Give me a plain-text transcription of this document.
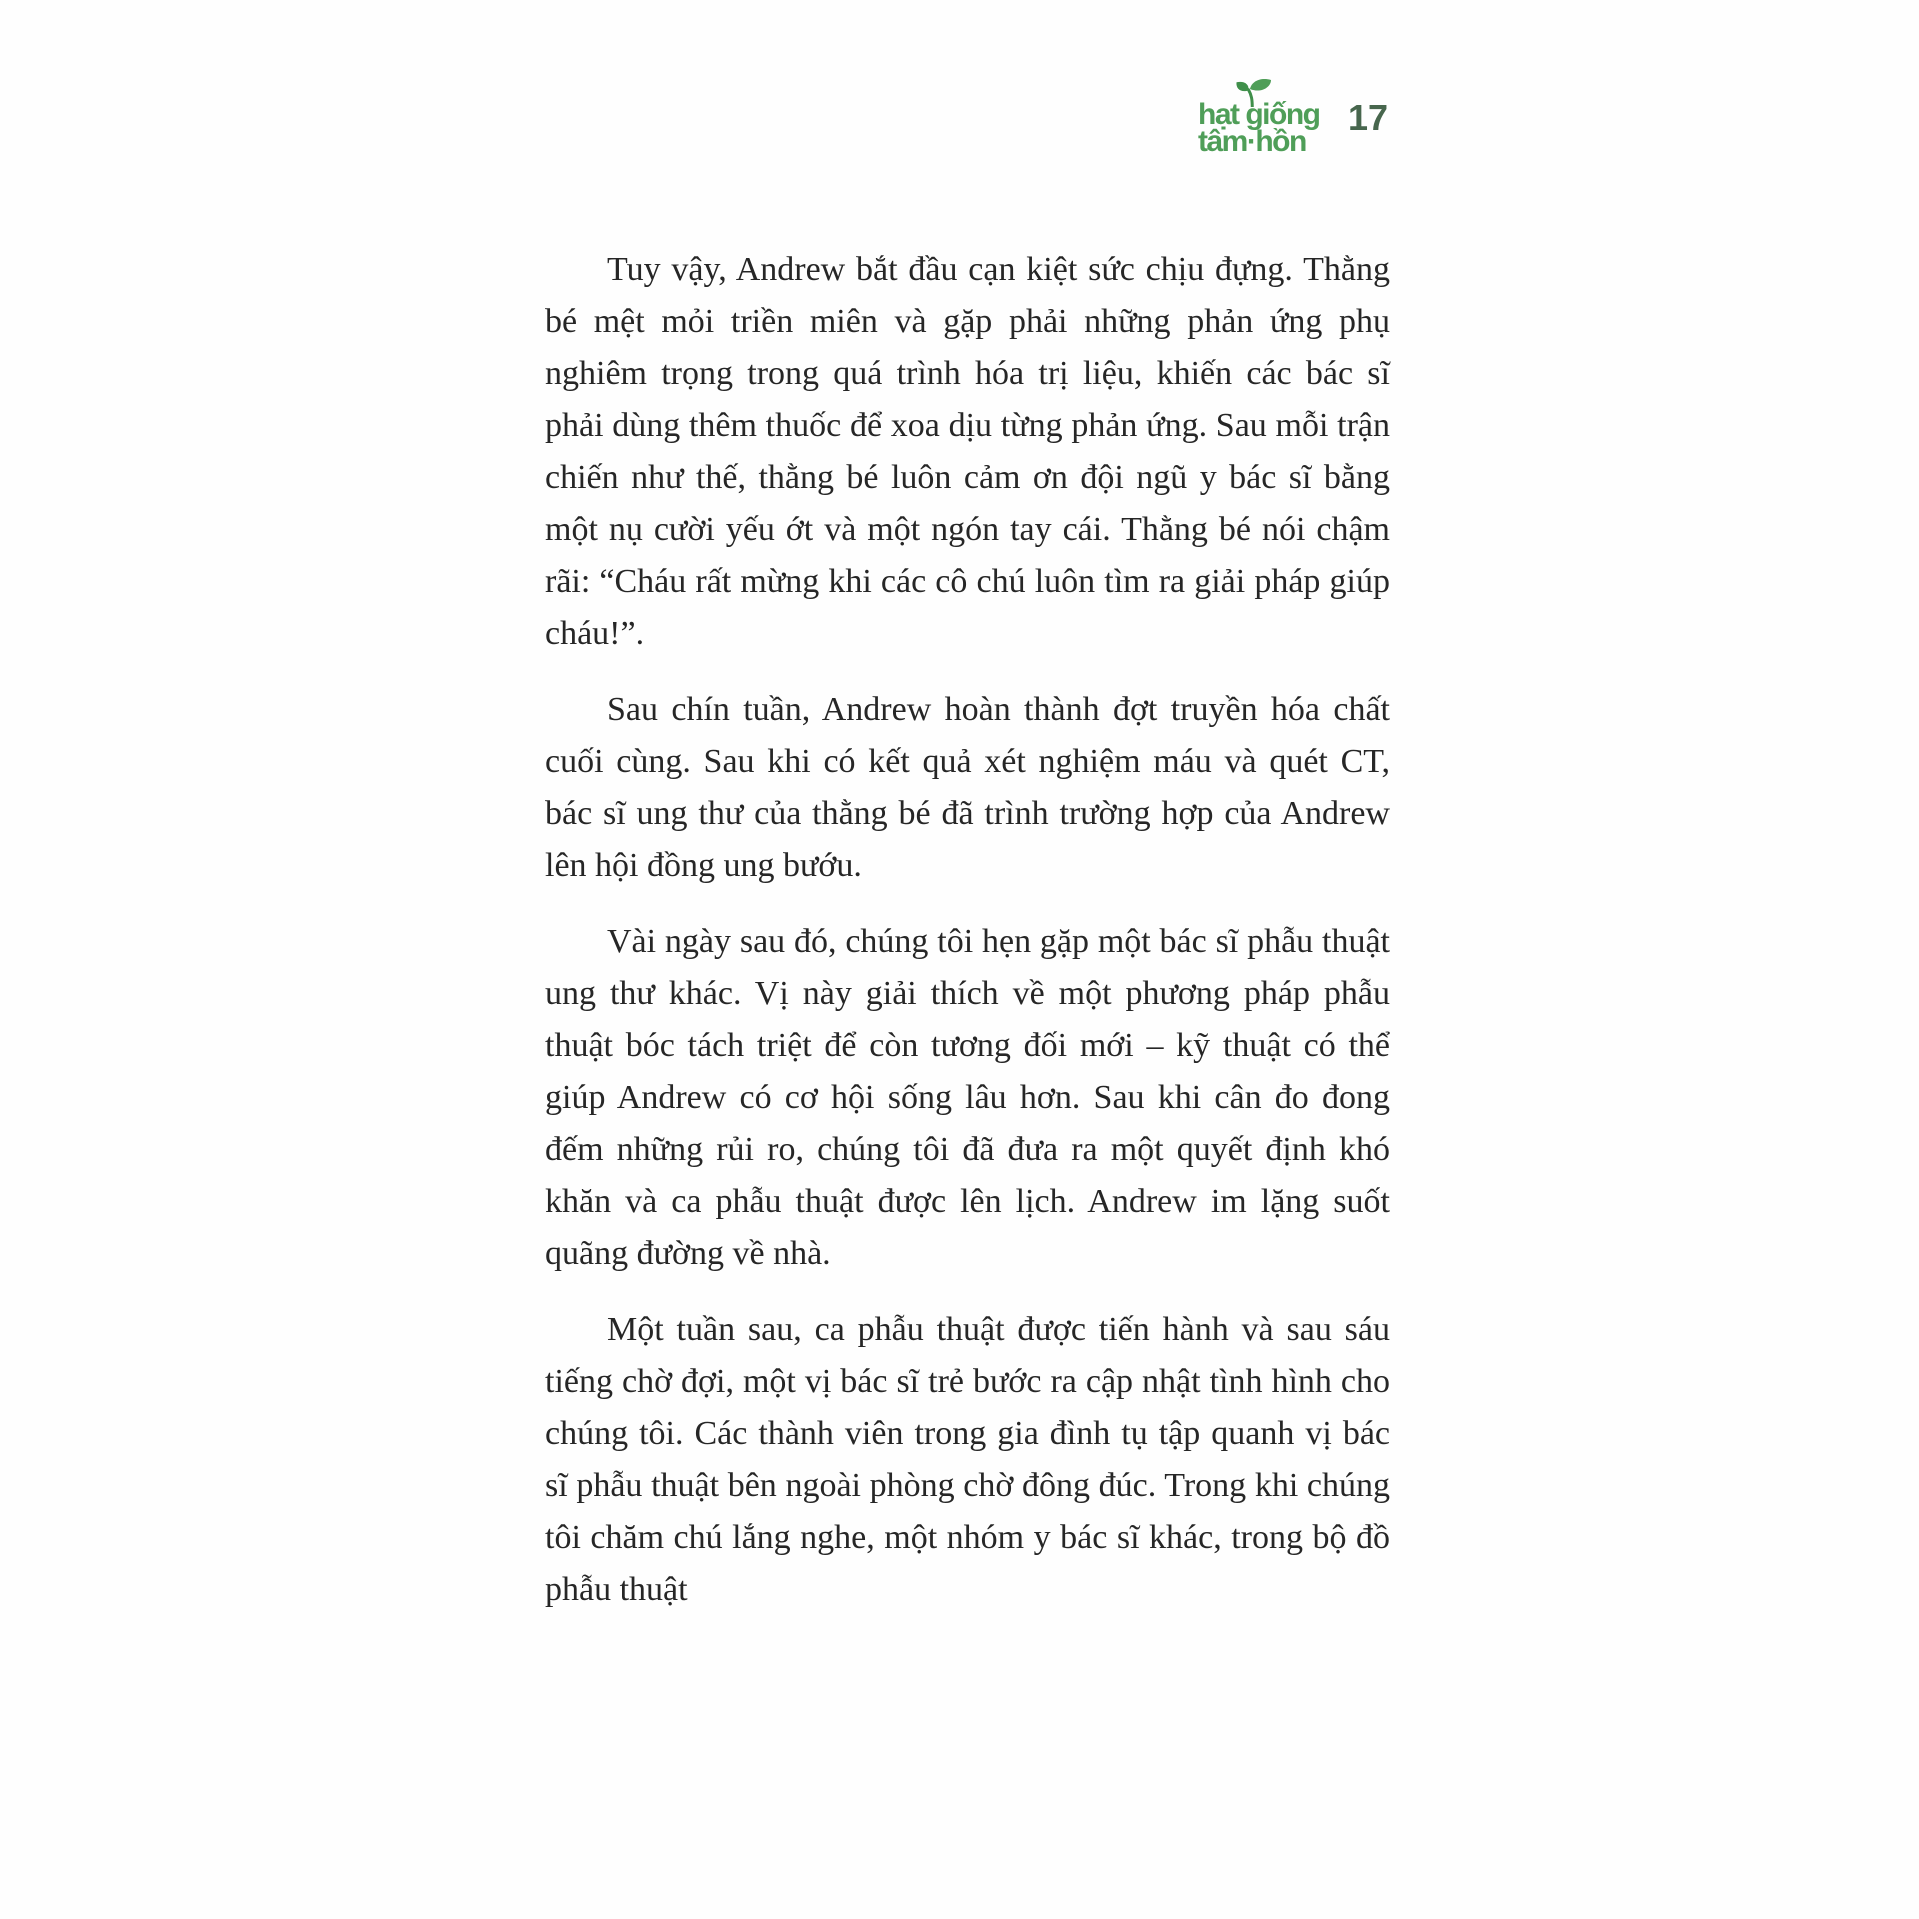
hạt giống
tâm·hồn
17

Tuy vậy, Andrew bắt đầu cạn kiệt sức chịu đựng. Thằng bé mệt mỏi triền miên và gặp phải những phản ứng phụ nghiêm trọng trong quá trình hóa trị liệu, khiến các bác sĩ phải dùng thêm thuốc để xoa dịu từng phản ứng. Sau mỗi trận chiến như thế, thằng bé luôn cảm ơn đội ngũ y bác sĩ bằng một nụ cười yếu ớt và một ngón tay cái. Thằng bé nói chậm rãi: “Cháu rất mừng khi các cô chú luôn tìm ra giải pháp giúp cháu!”.

Sau chín tuần, Andrew hoàn thành đợt truyền hóa chất cuối cùng. Sau khi có kết quả xét nghiệm máu và quét CT, bác sĩ ung thư của thằng bé đã trình trường hợp của Andrew lên hội đồng ung bướu.

Vài ngày sau đó, chúng tôi hẹn gặp một bác sĩ phẫu thuật ung thư khác. Vị này giải thích về một phương pháp phẫu thuật bóc tách triệt để còn tương đối mới – kỹ thuật có thể giúp Andrew có cơ hội sống lâu hơn. Sau khi cân đo đong đếm những rủi ro, chúng tôi đã đưa ra một quyết định khó khăn và ca phẫu thuật được lên lịch. Andrew im lặng suốt quãng đường về nhà.

Một tuần sau, ca phẫu thuật được tiến hành và sau sáu tiếng chờ đợi, một vị bác sĩ trẻ bước ra cập nhật tình hình cho chúng tôi. Các thành viên trong gia đình tụ tập quanh vị bác sĩ phẫu thuật bên ngoài phòng chờ đông đúc. Trong khi chúng tôi chăm chú lắng nghe, một nhóm y bác sĩ khác, trong bộ đồ phẫu thuật
